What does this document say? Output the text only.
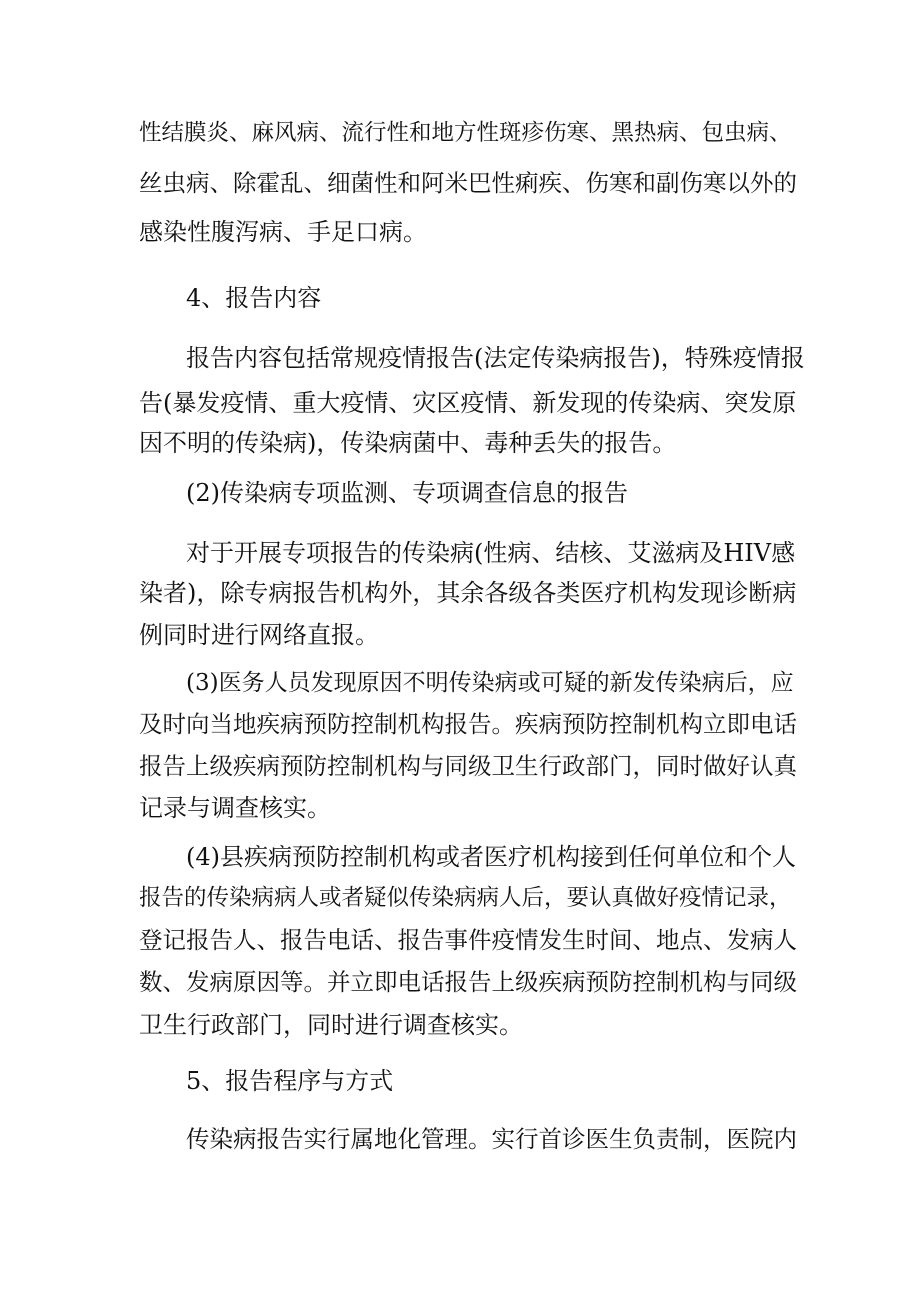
性结膜炎、麻风病、流行性和地方性斑疹伤寒、黑热病、包虫病、
丝虫病、除霍乱、细菌性和阿米巴性痢疾、伤寒和副伤寒以外的
感染性腹泻病、手足口病。
4、报告内容
报告内容包括常规疫情报告(法定传染病报告)，特殊疫情报
告(暴发疫情、重大疫情、灾区疫情、新发现的传染病、突发原
因不明的传染病)，传染病菌中、毒种丢失的报告。
(2)传染病专项监测、专项调查信息的报告
对于开展专项报告的传染病(性病、结核、艾滋病及HIV感
染者)，除专病报告机构外，其余各级各类医疗机构发现诊断病
例同时进行网络直报。
(3)医务人员发现原因不明传染病或可疑的新发传染病后，应
及时向当地疾病预防控制机构报告。疾病预防控制机构立即电话
报告上级疾病预防控制机构与同级卫生行政部门，同时做好认真
记录与调查核实。
(4)县疾病预防控制机构或者医疗机构接到任何单位和个人
报告的传染病病人或者疑似传染病病人后，要认真做好疫情记录，
登记报告人、报告电话、报告事件疫情发生时间、地点、发病人
数、发病原因等。并立即电话报告上级疾病预防控制机构与同级
卫生行政部门，同时进行调查核实。
5、报告程序与方式
传染病报告实行属地化管理。实行首诊医生负责制，医院内
